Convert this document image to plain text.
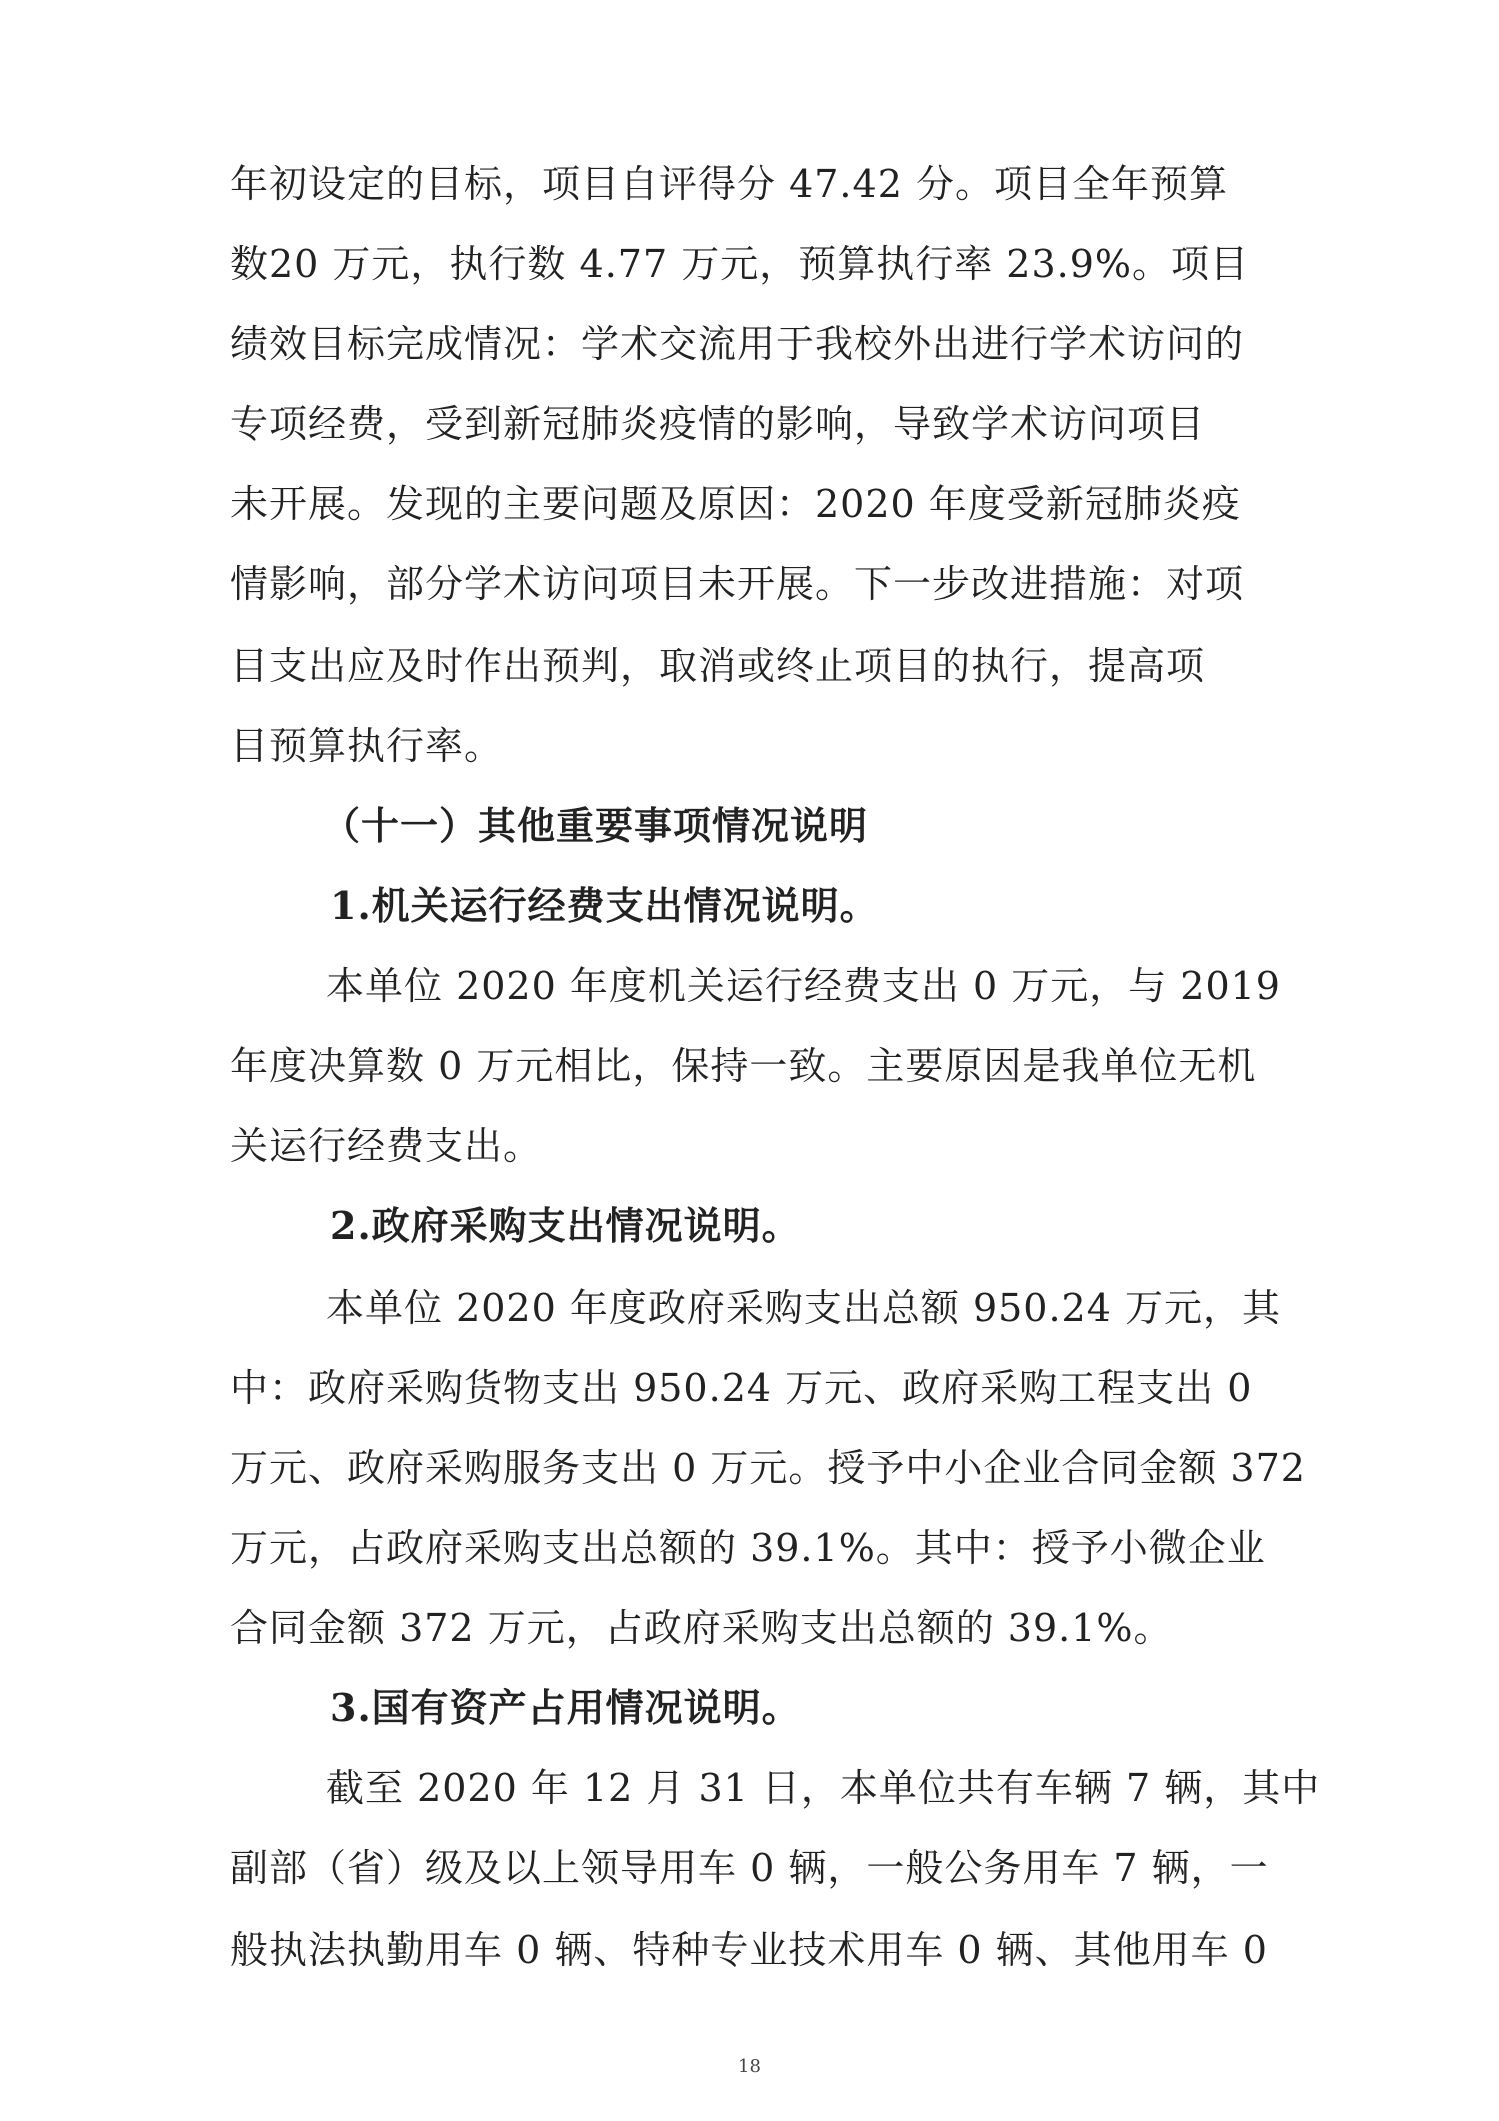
年初设定的目标，项目自评得分 47.42 分。项目全年预算
数20 万元，执行数 4.77 万元，预算执行率 23.9%。项目
绩效目标完成情况：学术交流用于我校外出进行学术访问的
专项经费，受到新冠肺炎疫情的影响，导致学术访问项目
未开展。发现的主要问题及原因：2020 年度受新冠肺炎疫
情影响，部分学术访问项目未开展。下一步改进措施：对项
目支出应及时作出预判，取消或终止项目的执行，提高项
目预算执行率。
（十一）其他重要事项情况说明
1.机关运行经费支出情况说明。
本单位 2020 年度机关运行经费支出 0 万元，与 2019
年度决算数 0 万元相比，保持一致。主要原因是我单位无机
关运行经费支出。
2.政府采购支出情况说明。
本单位 2020 年度政府采购支出总额 950.24 万元，其
中：政府采购货物支出 950.24 万元、政府采购工程支出 0
万元、政府采购服务支出 0 万元。授予中小企业合同金额 372
万元，占政府采购支出总额的 39.1%。其中：授予小微企业
合同金额 372 万元，占政府采购支出总额的 39.1%。
3.国有资产占用情况说明。
截至 2020 年 12 月 31 日，本单位共有车辆 7 辆，其中
副部（省）级及以上领导用车 0 辆，一般公务用车 7 辆，一
般执法执勤用车 0 辆、特种专业技术用车 0 辆、其他用车 0
18
